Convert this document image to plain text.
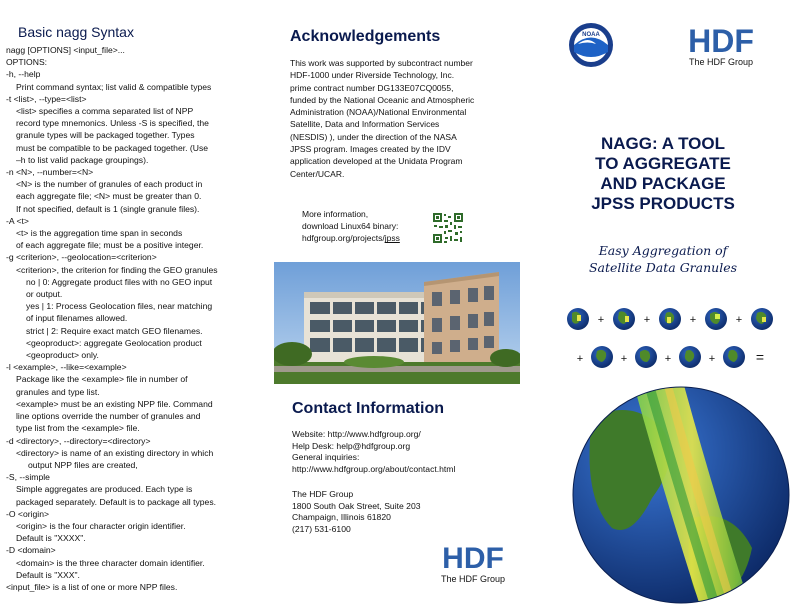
Basic nagg Syntax
nagg [OPTIONS] <input_file>...
OPTIONS:
-h, --help
Print command syntax; list valid & compatible types
-t <list>, --type=<list>
<list> specifies a comma separated list of NPP
record type mnemonics. Unless -S is specified, the
granule types will be packaged together. Types
must be compatible to be packaged together. (Use
–h to list valid package groupings).
-n <N>, --number=<N>
<N> is the number of granules of each product in
each aggregate file; <N> must be greater than 0.
If not specified, default is 1 (single granule files).
-A <t>
<t> is the aggregation time span in seconds
of each aggregate file; must be a positive integer.
-g <criterion>, --geolocation=<criterion>
<criterion>, the criterion for finding the GEO granules
no | 0: Aggregate product files with no GEO input
or output.
yes | 1: Process Geolocation files, near matching
of input filenames allowed.
strict | 2: Require exact match GEO filenames.
<geoproduct>: aggregate Geolocation product
<geoproduct> only.
-l <example>, --like=<example>
Package like the <example> file in number of
granules and type list.
<example> must be an existing NPP file. Command
line options override the number of granules and
type list from the <example> file.
-d <directory>, --directory=<directory>
<directory> is name of an existing directory in which
output NPP files are created,
-S, --simple
Simple aggregates are produced. Each type is
packaged separately. Default is to package all types.
-O <origin>
<origin> is the four character origin identifier.
Default is "XXXX".
-D <domain>
<domain> is the three character domain identifier.
Default is "XXX".
<input_file> is a list of one or more NPP files.
Acknowledgements
This work was supported by subcontract number
HDF-1000 under Riverside Technology, Inc.
prime contract number DG133E07CQ0055,
funded by the National Oceanic and Atmospheric
Administration (NOAA)/National Environmental
Satellite, Data and Information Services
(NESDIS) ), under the direction of the NASA
JPSS program. Images created by the IDV
application developed at the Unidata Program
Center/UCAR.
More information,
download Linux64 binary:
hdfgroup.org/projects/jpss
Contact Information
Website: http://www.hdfgroup.org/
Help Desk: help@hdfgroup.org
General inquiries:
http://www.hdfgroup.org/about/contact.html
The HDF Group
1800 South Oak Street, Suite 203
Champaign, Illinois 61820
(217) 531-6100
HDF
The HDF Group
NOAA	HDF
The HDF Group
NAGG: A TOOL
TO AGGREGATE
AND PACKAGE
JPSS PRODUCTS
Easy Aggregation of
Satellite Data Granules
+	+	+	+
+	+	+	+	=
